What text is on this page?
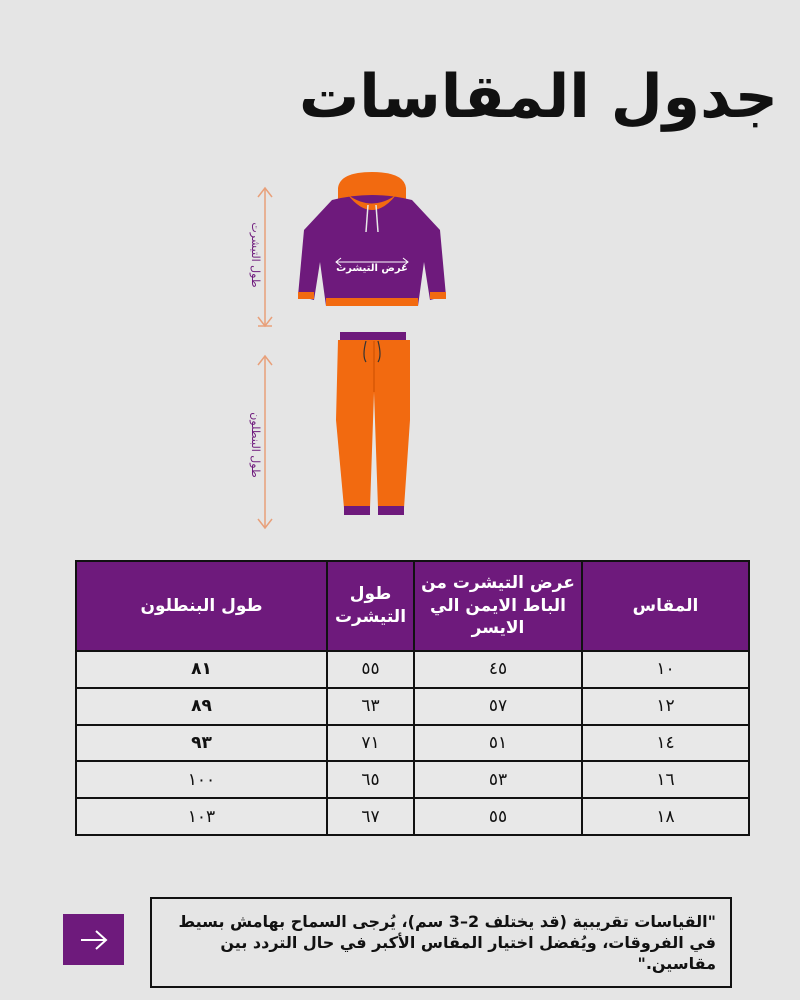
جدول المقاسات
طول التيشرت
طول البنطلون
عرض التيشرت
المقاس	عرض التيشرت من الباط الايمن الي الايسر	طول التيشرت	طول البنطلون
١٠	٤٥	٥٥	٨١
١٢	٥٧	٦٣	٨٩
١٤	٥١	٧١	٩٣
١٦	٥٣	٦٥	١٠٠
١٨	٥٥	٦٧	١٠٣
"القياسات تقريبية (قد يختلف 2–3 سم)، يُرجى السماح بهامش بسيط في الفروقات، ويُفضل اختيار المقاس الأكبر في حال التردد بين مقاسين."
